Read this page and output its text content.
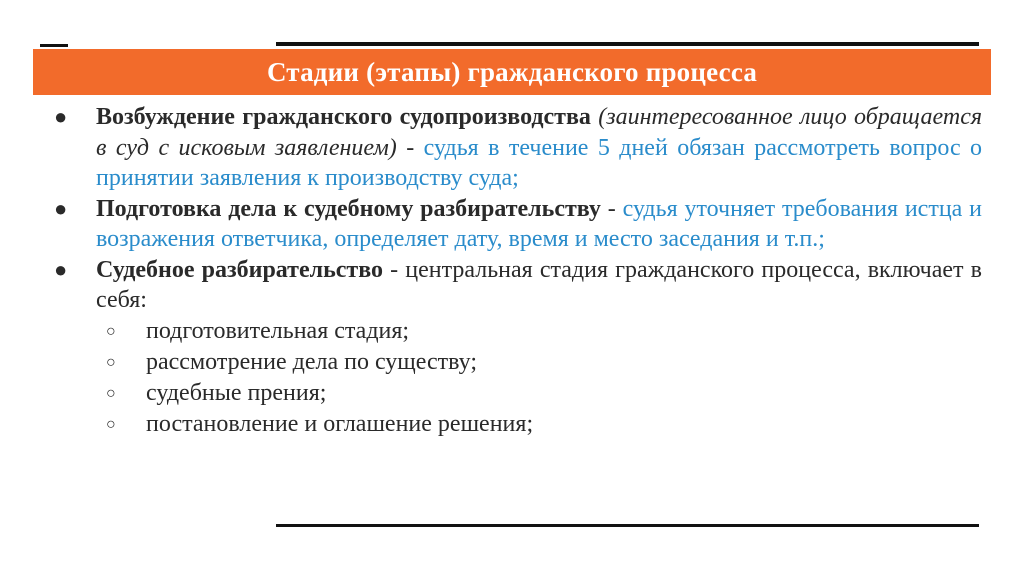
Стадии (этапы) гражданского процесса
● Возбуждение гражданского судопроизводства (заинтересованное лицо обращается в суд с исковым заявлением) - судья в течение 5 дней обязан рассмотреть вопрос о принятии заявления к производству суда;
● Подготовка дела к судебному разбирательству - судья уточняет требования истца и возражения ответчика, определяет дату, время и место заседания и т.п.;
● Судебное разбирательство - центральная стадия гражданского процесса, включает в себя:
○ подготовительная стадия;
○ рассмотрение дела по существу;
○ судебные прения;
○ постановление и оглашение решения;
